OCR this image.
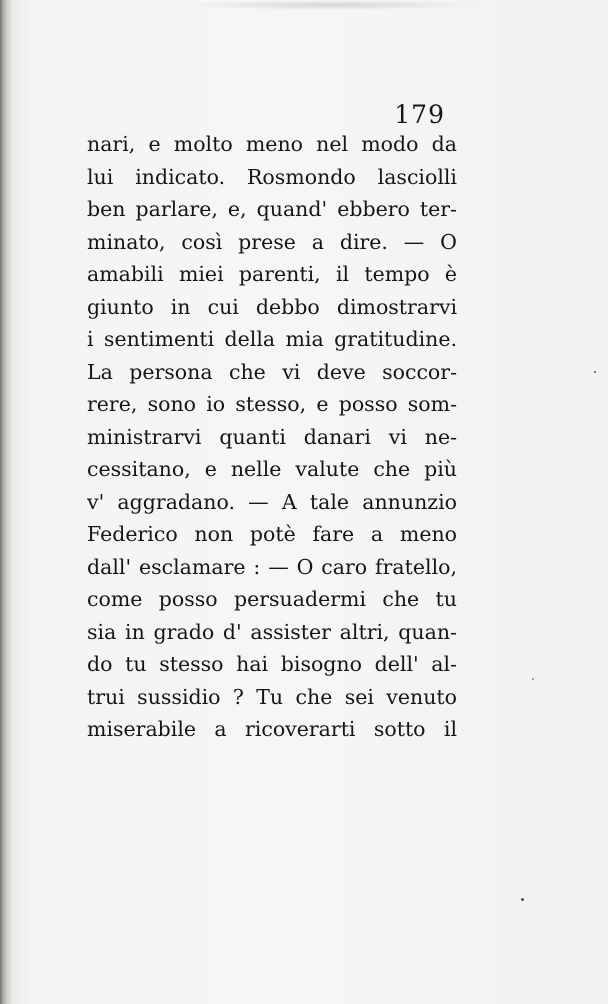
179
nari, e molto meno nel modo da
lui indicato. Rosmondo lasciolli
ben parlare, e, quand' ebbero ter-
minato, così prese a dire. — O
amabili miei parenti, il tempo è
giunto in cui debbo dimostrarvi
i sentimenti della mia gratitudine.
La persona che vi deve soccor-
rere, sono io stesso, e posso som-
ministrarvi quanti danari vi ne-
cessitano, e nelle valute che più
v' aggradano. — A tale annunzio
Federico non potè fare a meno
dall' esclamare : — O caro fratello,
come posso persuadermi che tu
sia in grado d' assister altri, quan-
do tu stesso hai bisogno dell' al-
trui sussidio ? Tu che sei venuto
miserabile a ricoverarti sotto il
